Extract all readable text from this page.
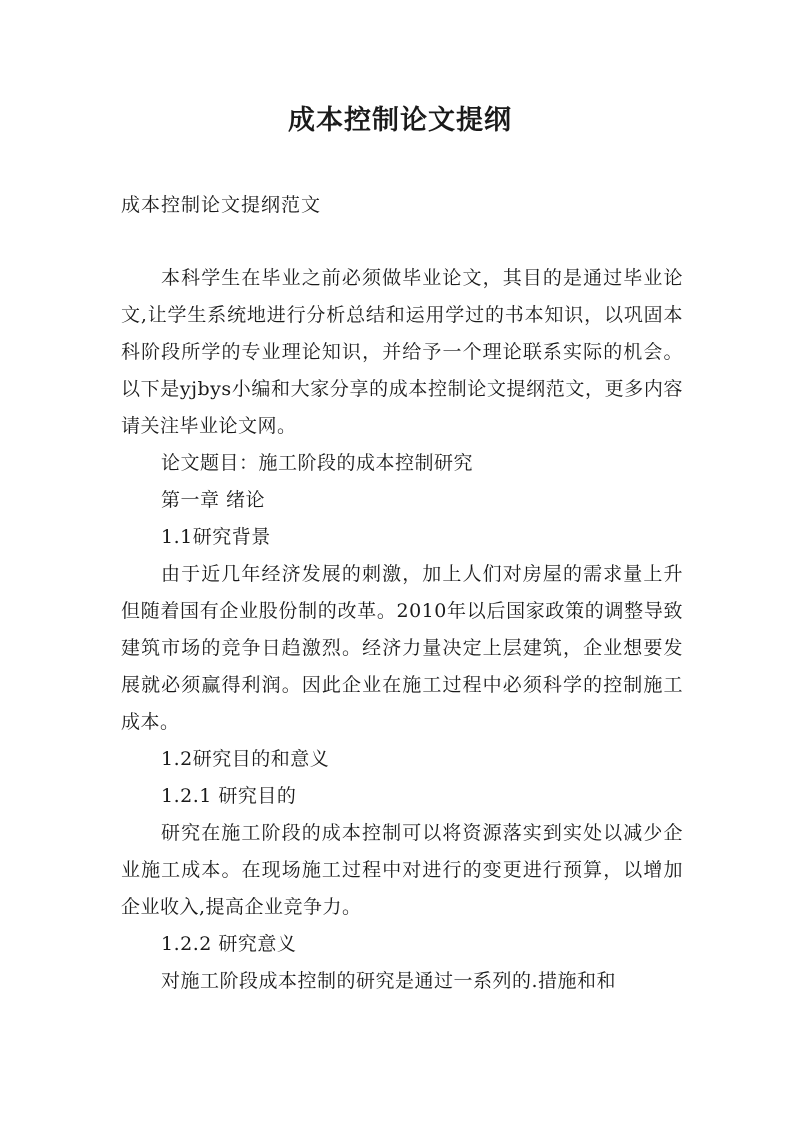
成本控制论文提纲
成本控制论文提纲范文

本科学生在毕业之前必须做毕业论文，其目的是通过毕业论文,让学生系统地进行分析总结和运用学过的书本知识，以巩固本科阶段所学的专业理论知识，并给予一个理论联系实际的机会。以下是yjbys小编和大家分享的成本控制论文提纲范文，更多内容请关注毕业论文网。

论文题目：施工阶段的成本控制研究

第一章 绪论

1.1研究背景

由于近几年经济发展的刺激，加上人们对房屋的需求量上升但随着国有企业股份制的改革。2010年以后国家政策的调整导致建筑市场的竞争日趋激烈。经济力量决定上层建筑，企业想要发展就必须赢得利润。因此企业在施工过程中必须科学的控制施工成本。

1.2研究目的和意义

1.2.1 研究目的

研究在施工阶段的成本控制可以将资源落实到实处以减少企业施工成本。在现场施工过程中对进行的变更进行预算，以增加企业收入,提高企业竞争力。

1.2.2 研究意义

对施工阶段成本控制的研究是通过一系列的.措施和和
